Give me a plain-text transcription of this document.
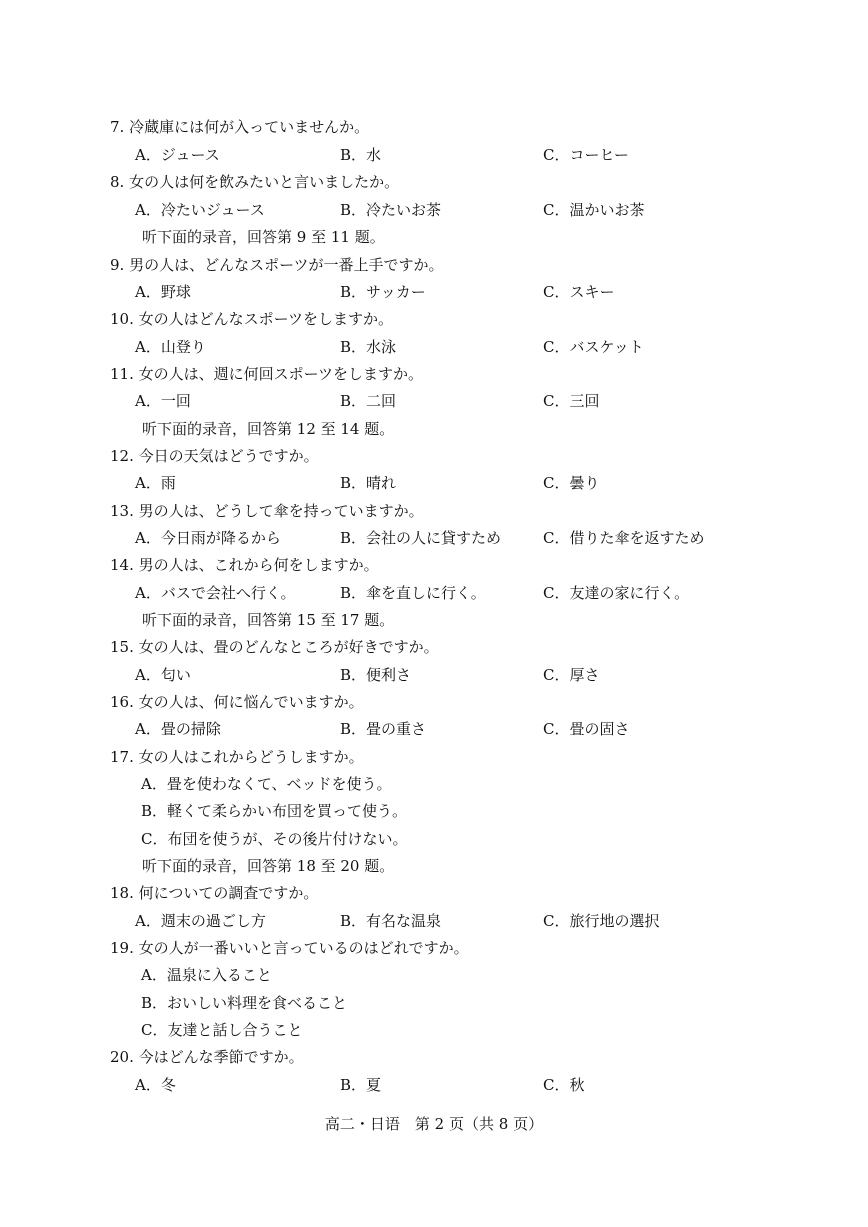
7. 冷蔵庫には何が入っていませんか。
A．ジュース	B．水	C．コーヒー
8. 女の人は何を飲みたいと言いましたか。
A．冷たいジュース	B．冷たいお茶	C．温かいお茶
听下面的录音，回答第 9 至 11 题。
9. 男の人は、どんなスポーツが一番上手ですか。
A．野球	B．サッカー	C．スキー
10. 女の人はどんなスポーツをしますか。
A．山登り	B．水泳	C．バスケット
11. 女の人は、週に何回スポーツをしますか。
A．一回	B．二回	C．三回
听下面的录音，回答第 12 至 14 题。
12. 今日の天気はどうですか。
A．雨	B．晴れ	C．曇り
13. 男の人は、どうして傘を持っていますか。
A．今日雨が降るから	B．会社の人に貸すため	C．借りた傘を返すため
14. 男の人は、これから何をしますか。
A．バスで会社へ行く。	B．傘を直しに行く。	C．友達の家に行く。
听下面的录音，回答第 15 至 17 题。
15. 女の人は、畳のどんなところが好きですか。
A．匂い	B．便利さ	C．厚さ
16. 女の人は、何に悩んでいますか。
A．畳の掃除	B．畳の重さ	C．畳の固さ
17. 女の人はこれからどうしますか。
A．畳を使わなくて、ベッドを使う。
B．軽くて柔らかい布団を買って使う。
C．布団を使うが、その後片付けない。
听下面的录音，回答第 18 至 20 题。
18. 何についての調査ですか。
A．週末の過ごし方	B．有名な温泉	C．旅行地の選択
19. 女の人が一番いいと言っているのはどれですか。
A．温泉に入ること
B．おいしい料理を食べること
C．友達と話し合うこと
20. 今はどんな季節ですか。
A．冬	B．夏	C．秋
高二・日语　第 2 页（共 8 页）
